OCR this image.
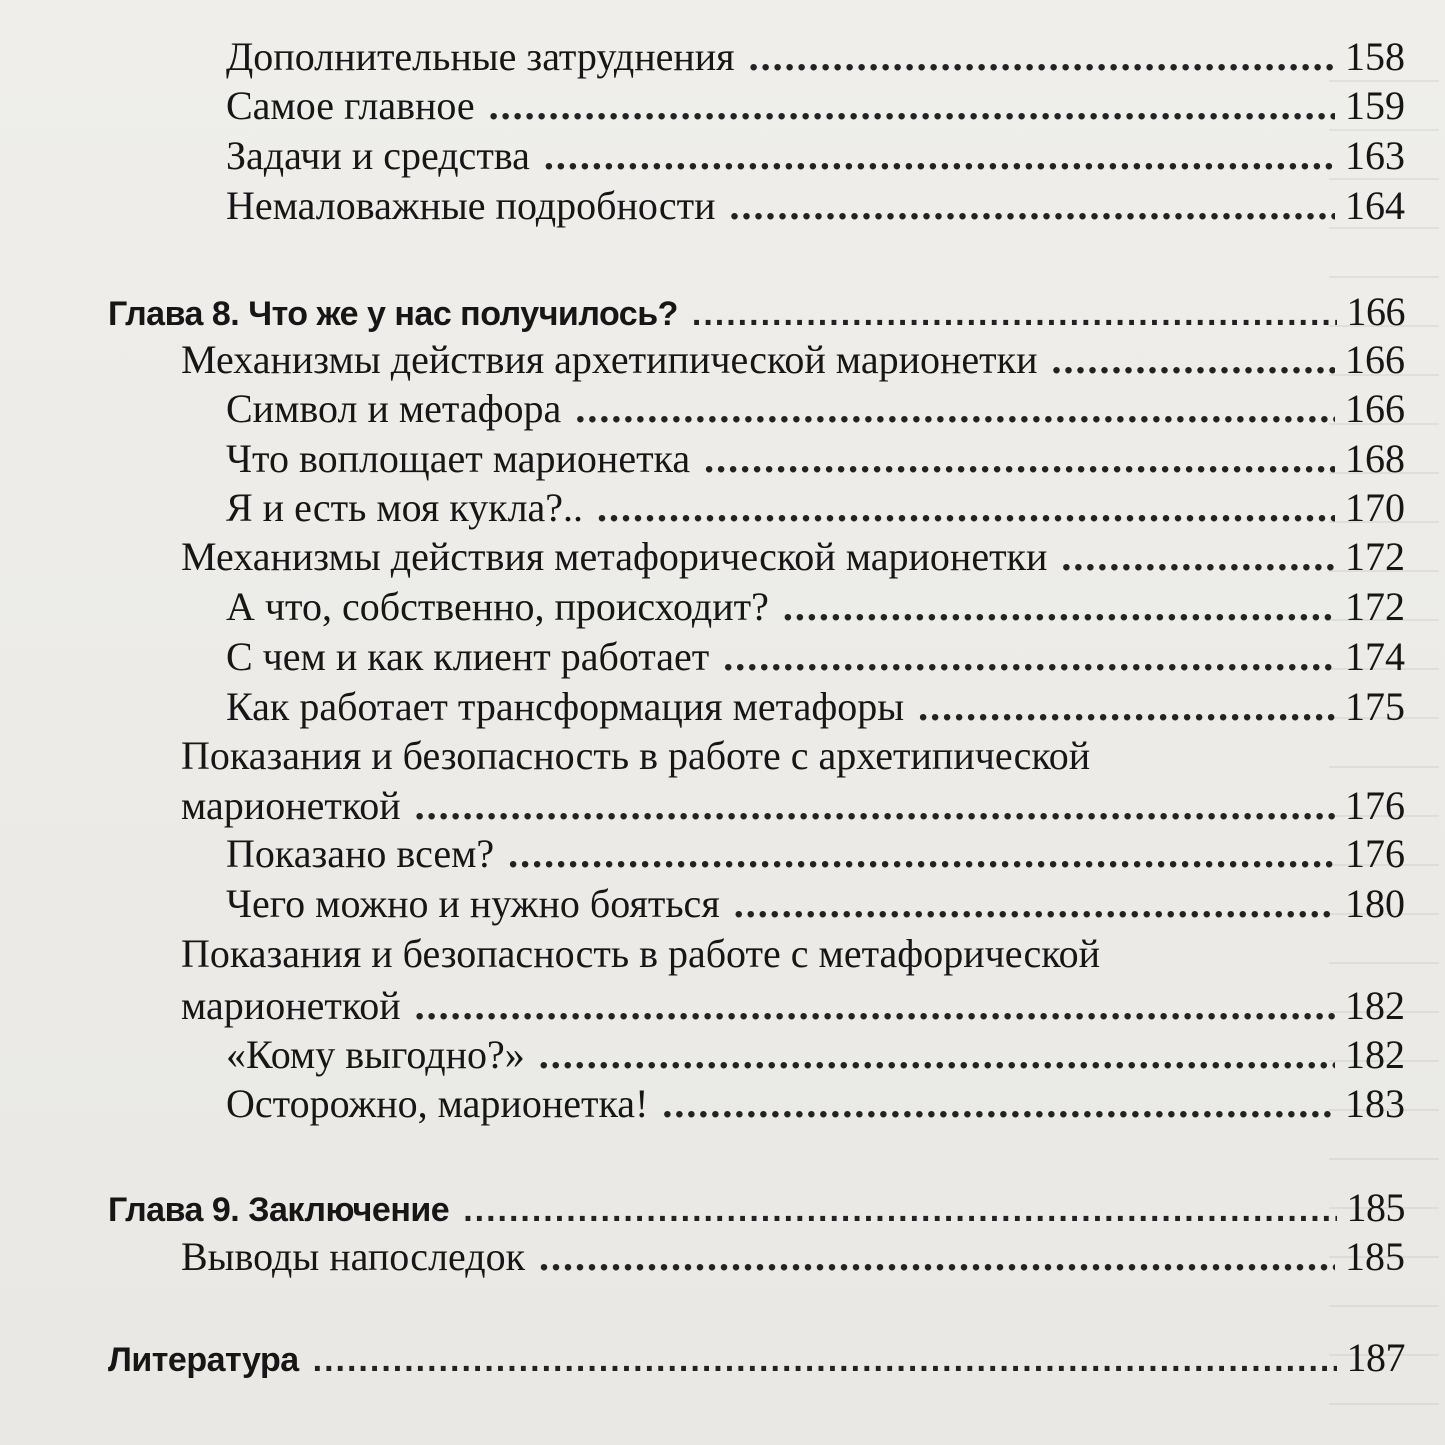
Дополнительные затруднения .....	158
Самое главное .....	159
Задачи и средства .....	163
Немаловажные подробности .....	164
Глава 8. Что же у нас получилось? .....	166
Механизмы действия архетипической марионетки .....	166
Символ и метафора .....	166
Что воплощает марионетка .....	168
Я и есть моя кукла?.. .....	170
Механизмы действия метафорической марионетки .....	172
А что, собственно, происходит? .....	172
С чем и как клиент работает .....	174
Как работает трансформация метафоры .....	175
Показания и безопасность в работе с архетипической
марионеткой .....	176
Показано всем? .....	176
Чего можно и нужно бояться .....	180
Показания и безопасность в работе с метафорической
марионеткой .....	182
«Кому выгодно?» .....	182
Осторожно, марионетка! .....	183
Глава 9. Заключение .....	185
Выводы напоследок .....	185
Литература .....	187
